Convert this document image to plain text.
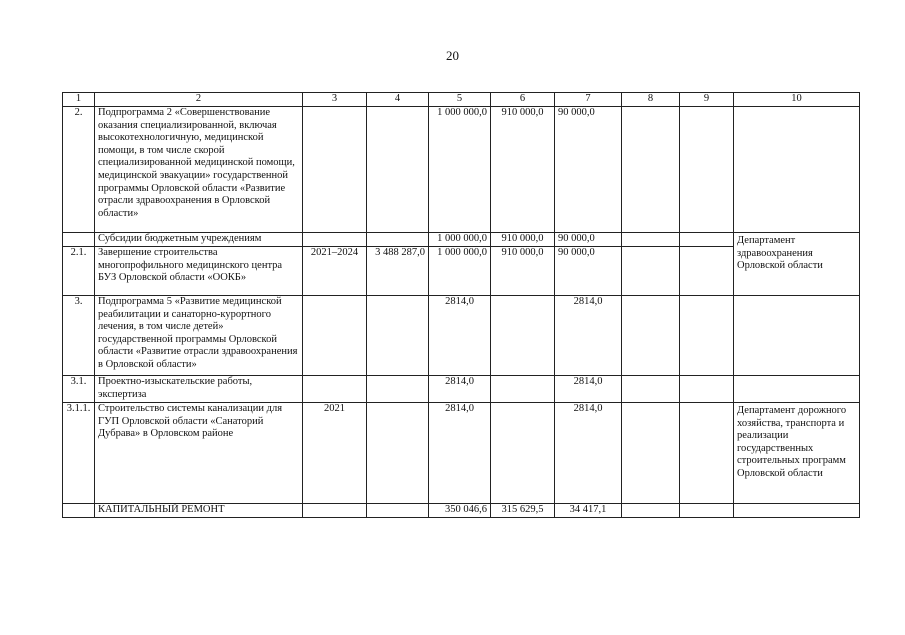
20
1	2	3	4	5	6	7	8	9	10
2.	Подпрограмма 2 «Совершенствование оказания специализированной, включая высокотехнологичную, медицинской помощи, в том числе скорой специализированной медицинской помощи, медицинской эвакуации» государственной программы Орловской области «Развитие отрасли здравоохранения в Орловской области»			1 000 000,0	910 000,0	90 000,0			
	Субсидии бюджетным учреждениям			1 000 000,0	910 000,0	90 000,0			Департамент здравоохранения Орловской области
2.1.	Завершение строительства многопрофильного медицинского центра БУЗ Орловской области «ООКБ»	2021–2024	3 488 287,0	1 000 000,0	910 000,0	90 000,0			
3.	Подпрограмма 5 «Развитие медицинской реабилитации и санаторно-курортного лечения, в том числе детей» государственной программы Орловской области «Развитие отрасли здравоохранения в Орловской области»			2814,0		2814,0			
3.1.	Проектно-изыскательские работы, экспертиза			2814,0		2814,0			
3.1.1.	Строительство системы канализации для ГУП Орловской области «Санаторий Дубрава» в Орловском районе	2021		2814,0		2814,0			Департамент дорожного хозяйства, транспорта и реализации государственных строительных программ Орловской области
	КАПИТАЛЬНЫЙ РЕМОНТ			350 046,6	315 629,5	34 417,1			
